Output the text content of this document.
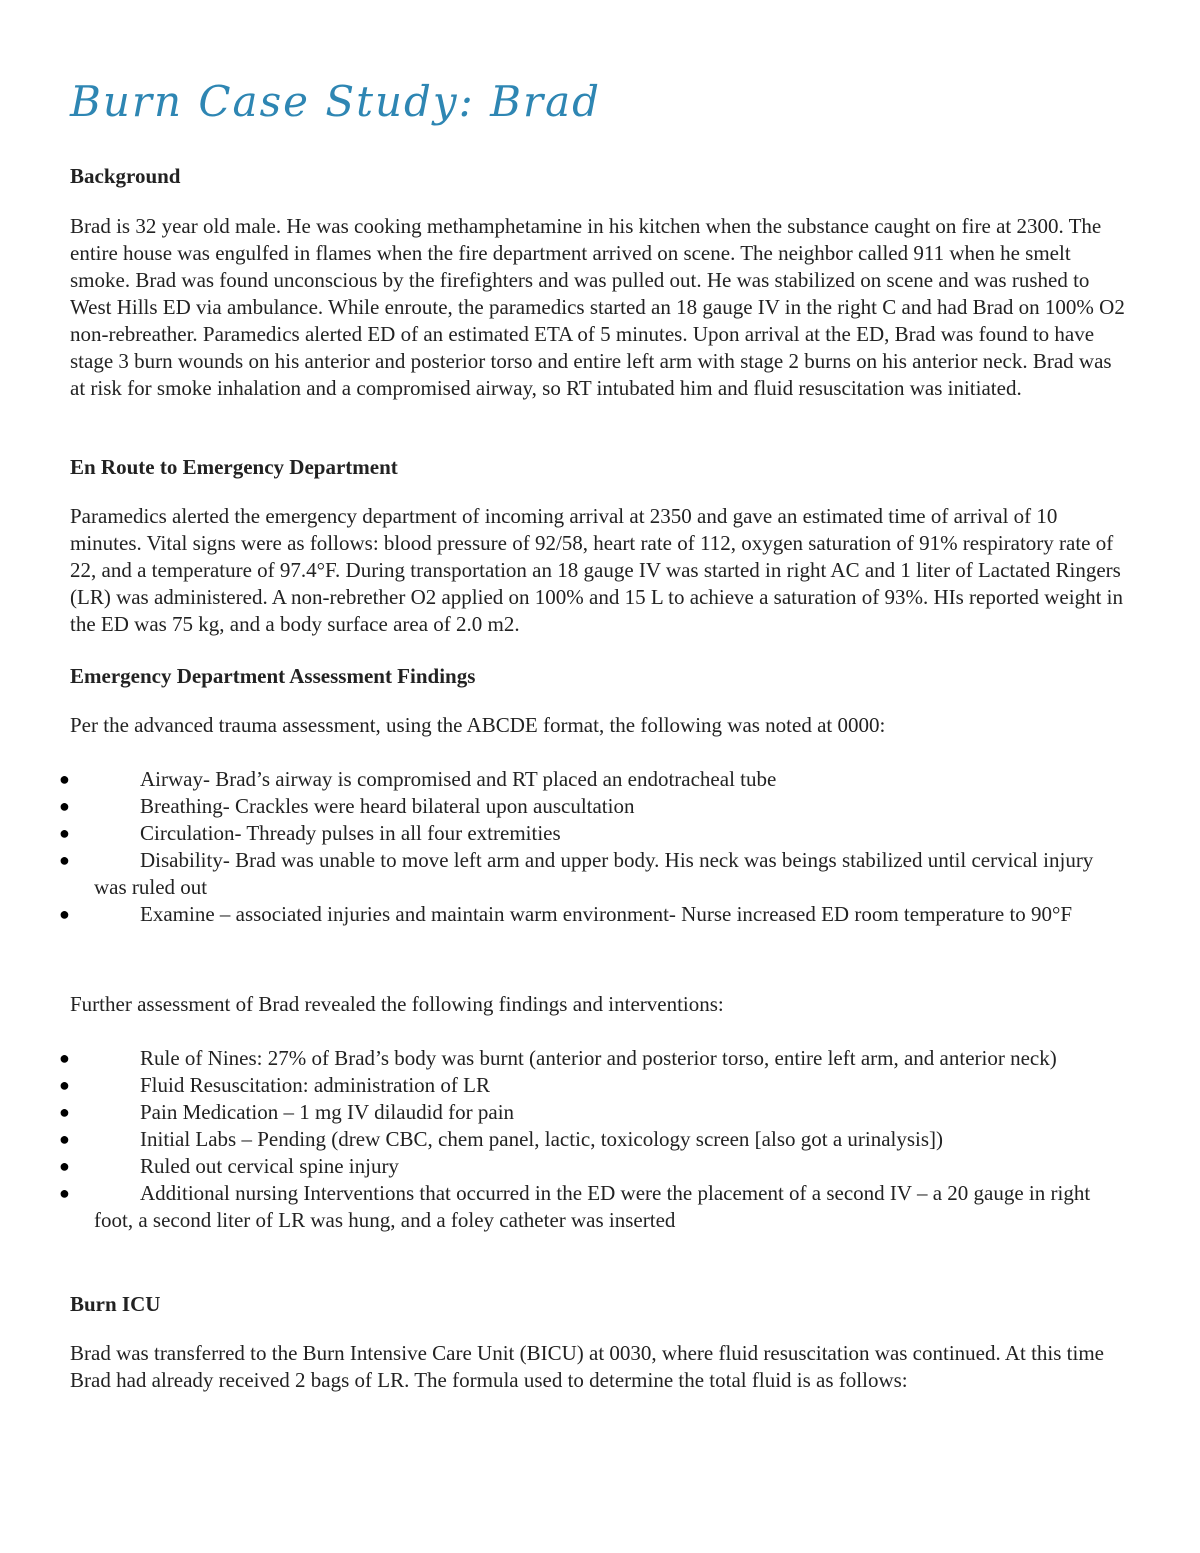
Burn Case Study: Brad
Background

Brad is 32 year old male. He was cooking methamphetamine in his kitchen when the substance caught on fire at 2300. The entire house was engulfed in flames when the fire department arrived on scene. The neighbor called 911 when he smelt smoke. Brad was found unconscious by the firefighters and was pulled out. He was stabilized on scene and was rushed to West Hills ED via ambulance. While enroute, the paramedics started an 18 gauge IV in the right C and had Brad on 100% O2 non-rebreather. Paramedics alerted ED of an estimated ETA of 5 minutes. Upon arrival at the ED, Brad was found to have stage 3 burn wounds on his anterior and posterior torso and entire left arm with stage 2 burns on his anterior neck. Brad was at risk for smoke inhalation and a compromised airway, so RT intubated him and fluid resuscitation was initiated.

En Route to Emergency Department

Paramedics alerted the emergency department of incoming arrival at 2350 and gave an estimated time of arrival of 10 minutes. Vital signs were as follows: blood pressure of 92/58, heart rate of 112, oxygen saturation of 91% respiratory rate of 22, and a temperature of 97.4°F. During transportation an 18 gauge IV was started in right AC and 1 liter of Lactated Ringers (LR) was administered. A non-rebrether O2 applied on 100% and 15 L to achieve a saturation of 93%. HIs reported weight in the ED was 75 kg, and a body surface area of 2.0 m2.

Emergency Department Assessment Findings

Per the advanced trauma assessment, using the ABCDE format, the following was noted at 0000:

●	Airway- Brad’s airway is compromised and RT placed an endotracheal tube
●	Breathing- Crackles were heard bilateral upon auscultation
●	Circulation- Thready pulses in all four extremities
●	Disability- Brad was unable to move left arm and upper body. His neck was beings stabilized until cervical injury was ruled out
●	Examine – associated injuries and maintain warm environment- Nurse increased ED room temperature to 90°F

Further assessment of Brad revealed the following findings and interventions:

●	Rule of Nines: 27% of Brad’s body was burnt (anterior and posterior torso, entire left arm, and anterior neck)
●	Fluid Resuscitation: administration of LR
●	Pain Medication – 1 mg IV dilaudid for pain
●	Initial Labs – Pending (drew CBC, chem panel, lactic, toxicology screen [also got a urinalysis])
●	Ruled out cervical spine injury
●	Additional nursing Interventions that occurred in the ED were the placement of a second IV – a 20 gauge in right foot, a second liter of LR was hung, and a foley catheter was inserted
Burn ICU

Brad was transferred to the Burn Intensive Care Unit (BICU) at 0030, where fluid resuscitation was continued. At this time Brad had already received 2 bags of LR. The formula used to determine the total fluid is as follows:
